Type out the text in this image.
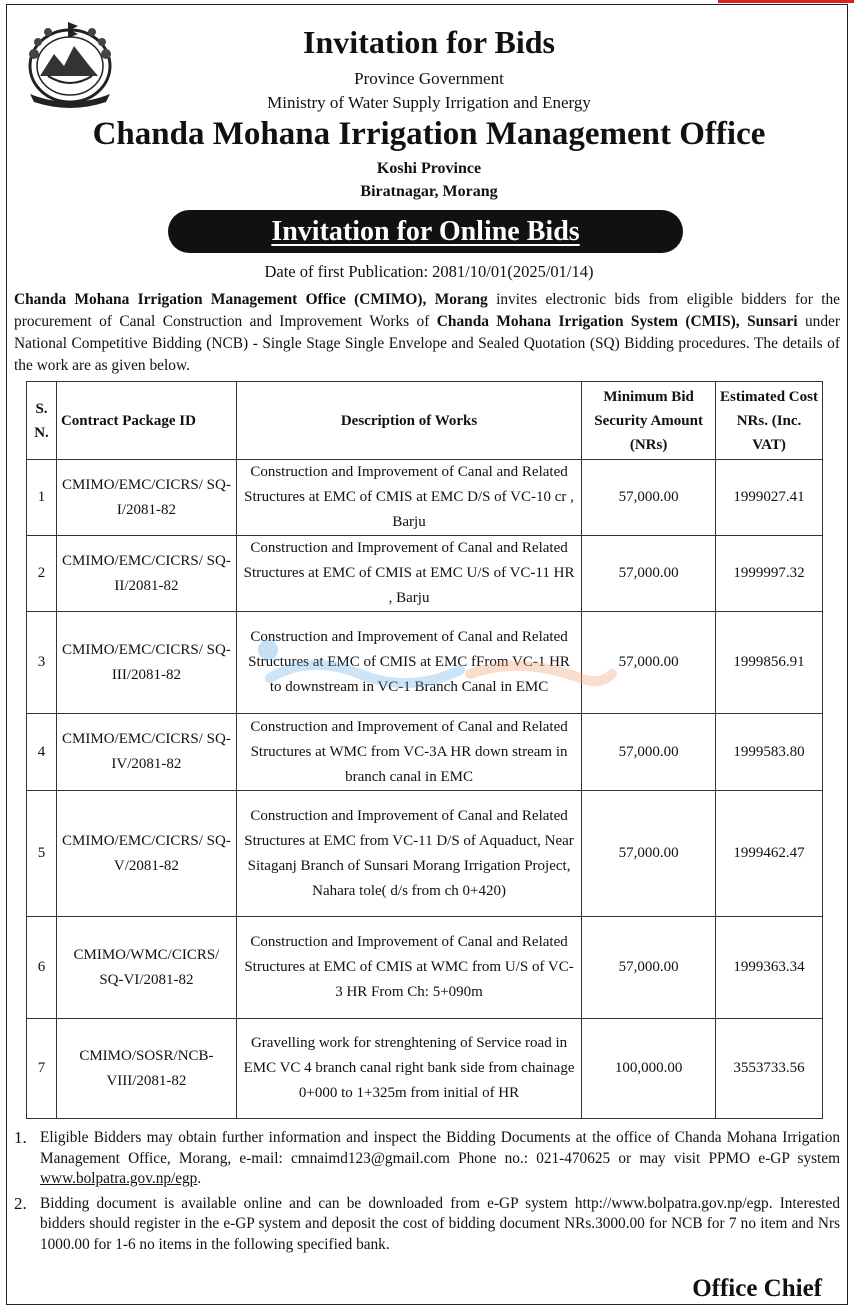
Invitation for Bids
Province Government
Ministry of Water Supply Irrigation and Energy
Chanda Mohana Irrigation Management Office
Koshi Province
Biratnagar, Morang
Invitation for Online Bids
Date of first Publication: 2081/10/01(2025/01/14)
Chanda Mohana Irrigation Management Office (CMIMO), Morang invites electronic bids from eligible bidders for the procurement of Canal Construction and Improvement Works of Chanda Mohana Irrigation System (CMIS), Sunsari under National Competitive Bidding (NCB) - Single Stage Single Envelope and Sealed Quotation (SQ) Bidding procedures. The details of the work are as given below.
S. N.	Contract Package ID	Description of Works	Minimum Bid Security Amount (NRs)	Estimated Cost NRs. (Inc. VAT)
1	CMIMO/EMC/CICRS/ SQ-I/2081-82	Construction and Improvement of Canal and Related Structures at EMC of CMIS at EMC D/S of VC-10 cr , Barju	57,000.00	1999027.41
2	CMIMO/EMC/CICRS/ SQ-II/2081-82	Construction and Improvement of Canal and Related Structures at EMC of CMIS at EMC U/S of VC-11 HR , Barju	57,000.00	1999997.32
3	CMIMO/EMC/CICRS/ SQ-III/2081-82	Construction and Improvement of Canal and Related Structures at EMC of CMIS at EMC fFrom VC-1 HR to downstream in VC-1 Branch Canal in EMC	57,000.00	1999856.91
4	CMIMO/EMC/CICRS/ SQ-IV/2081-82	Construction and Improvement of Canal and Related Structures at WMC from VC-3A HR down stream in branch canal in EMC	57,000.00	1999583.80
5	CMIMO/EMC/CICRS/ SQ-V/2081-82	Construction and Improvement of Canal and Related Structures at EMC from VC-11 D/S of Aquaduct, Near Sitaganj Branch of Sunsari Morang Irrigation Project, Nahara tole( d/s from ch 0+420)	57,000.00	1999462.47
6	CMIMO/WMC/CICRS/ SQ-VI/2081-82	Construction and Improvement of Canal and Related Structures at EMC of CMIS at WMC from U/S of VC-3 HR From Ch: 5+090m	57,000.00	1999363.34
7	CMIMO/SOSR/NCB-VIII/2081-82	Gravelling work for strenghtening of Service road in EMC VC 4 branch canal right bank side from chainage 0+000 to 1+325m from initial of HR	100,000.00	3553733.56
1. Eligible Bidders may obtain further information and inspect the Bidding Documents at the office of Chanda Mohana Irrigation Management Office, Morang, e-mail: cmnaimd123@gmail.com Phone no.: 021-470625 or may visit PPMO e-GP system www.bolpatra.gov.np/egp.
2. Bidding document is available online and can be downloaded from e-GP system http://www.bolpatra.gov.np/egp. Interested bidders should register in the e-GP system and deposit the cost of bidding document NRs.3000.00 for NCB for 7 no item and Nrs 1000.00 for 1-6 no items in the following specified bank.
Office Chief
